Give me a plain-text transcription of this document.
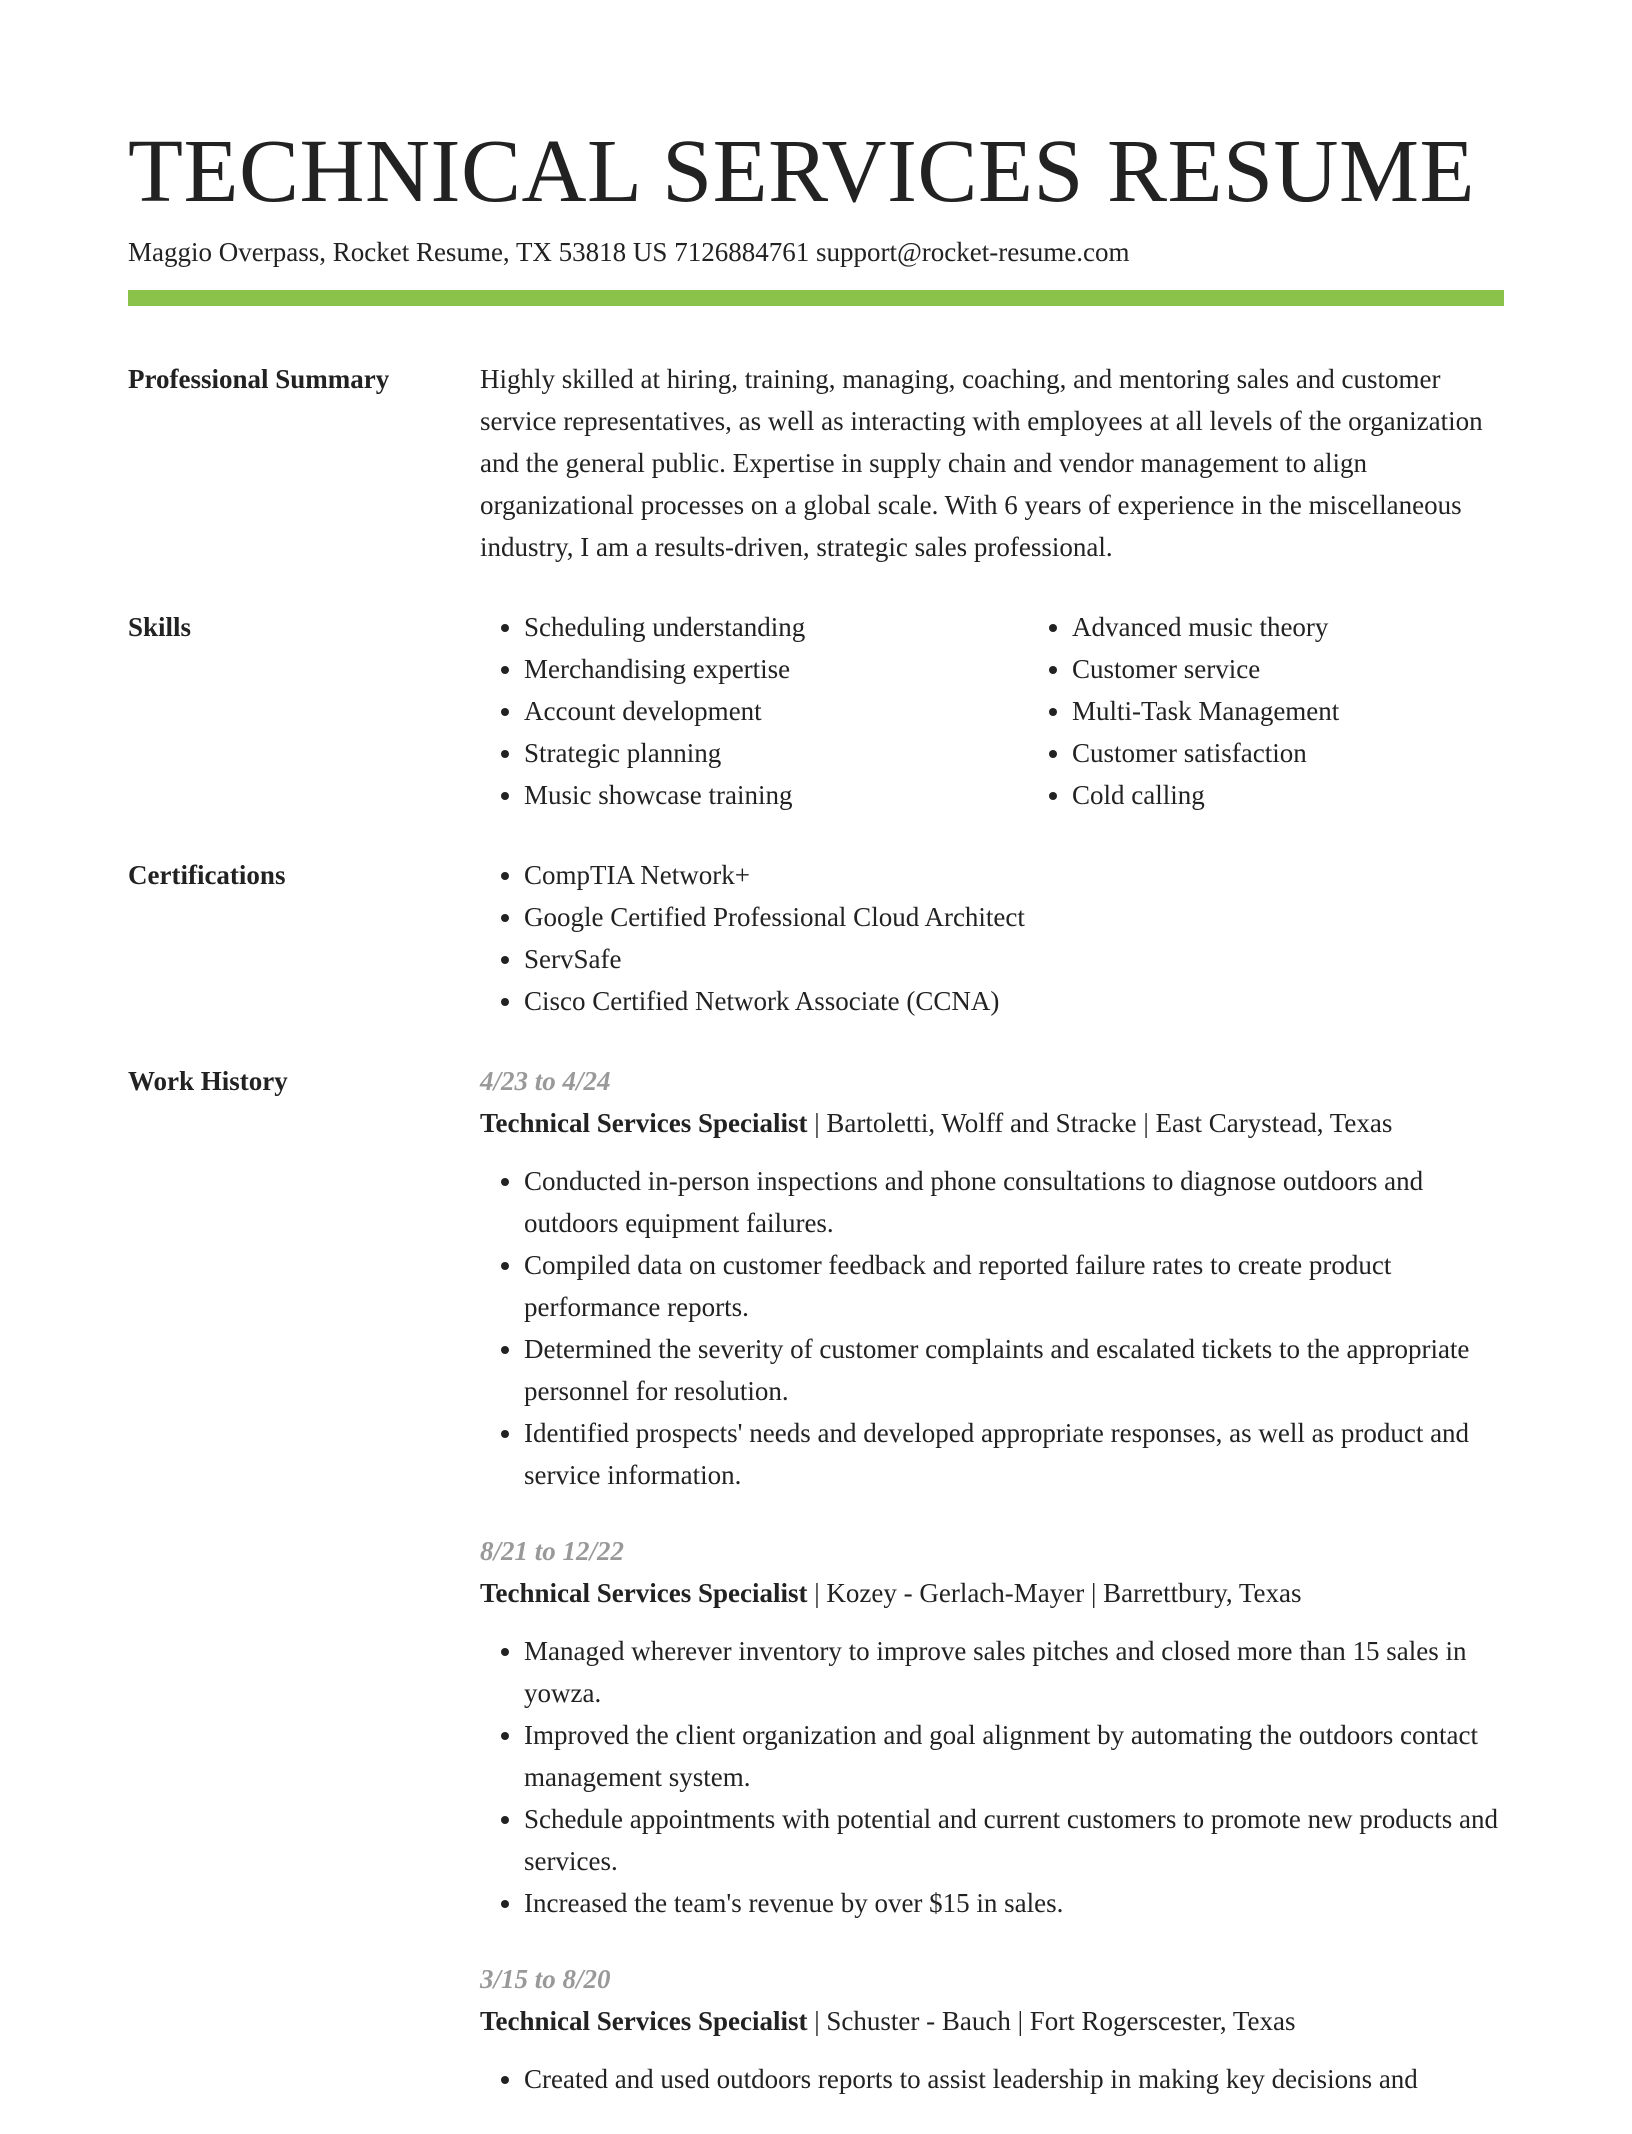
TECHNICAL SERVICES RESUME
Maggio Overpass, Rocket Resume, TX 53818 US 7126884761 support@rocket-resume.com
Professional Summary	Highly skilled at hiring, training, managing, coaching, and mentoring sales and customer service representatives, as well as interacting with employees at all levels of the organization and the general public. Expertise in supply chain and vendor management to align organizational processes on a global scale. With 6 years of experience in the miscellaneous industry, I am a results-driven, strategic sales professional.

Skills	• Scheduling understanding
• Merchandising expertise
• Account development
• Strategic planning
• Music showcase training
• Advanced music theory
• Customer service
• Multi-Task Management
• Customer satisfaction
• Cold calling
Certifications	• CompTIA Network+
• Google Certified Professional Cloud Architect
• ServSafe
• Cisco Certified Network Associate (CCNA)
Work History	4/23 to 4/24
Technical Services Specialist | Bartoletti, Wolff and Stracke | East Carystead, Texas
• Conducted in-person inspections and phone consultations to diagnose outdoors and outdoors equipment failures.
• Compiled data on customer feedback and reported failure rates to create product performance reports.
• Determined the severity of customer complaints and escalated tickets to the appropriate personnel for resolution.
• Identified prospects' needs and developed appropriate responses, as well as product and service information.
8/21 to 12/22
Technical Services Specialist | Kozey - Gerlach-Mayer | Barrettbury, Texas
• Managed wherever inventory to improve sales pitches and closed more than 15 sales in yowza.
• Improved the client organization and goal alignment by automating the outdoors contact management system.
• Schedule appointments with potential and current customers to promote new products and services.
• Increased the team's revenue by over $15 in sales.
3/15 to 8/20
Technical Services Specialist | Schuster - Bauch | Fort Rogerscester, Texas
• Created and used outdoors reports to assist leadership in making key decisions and
